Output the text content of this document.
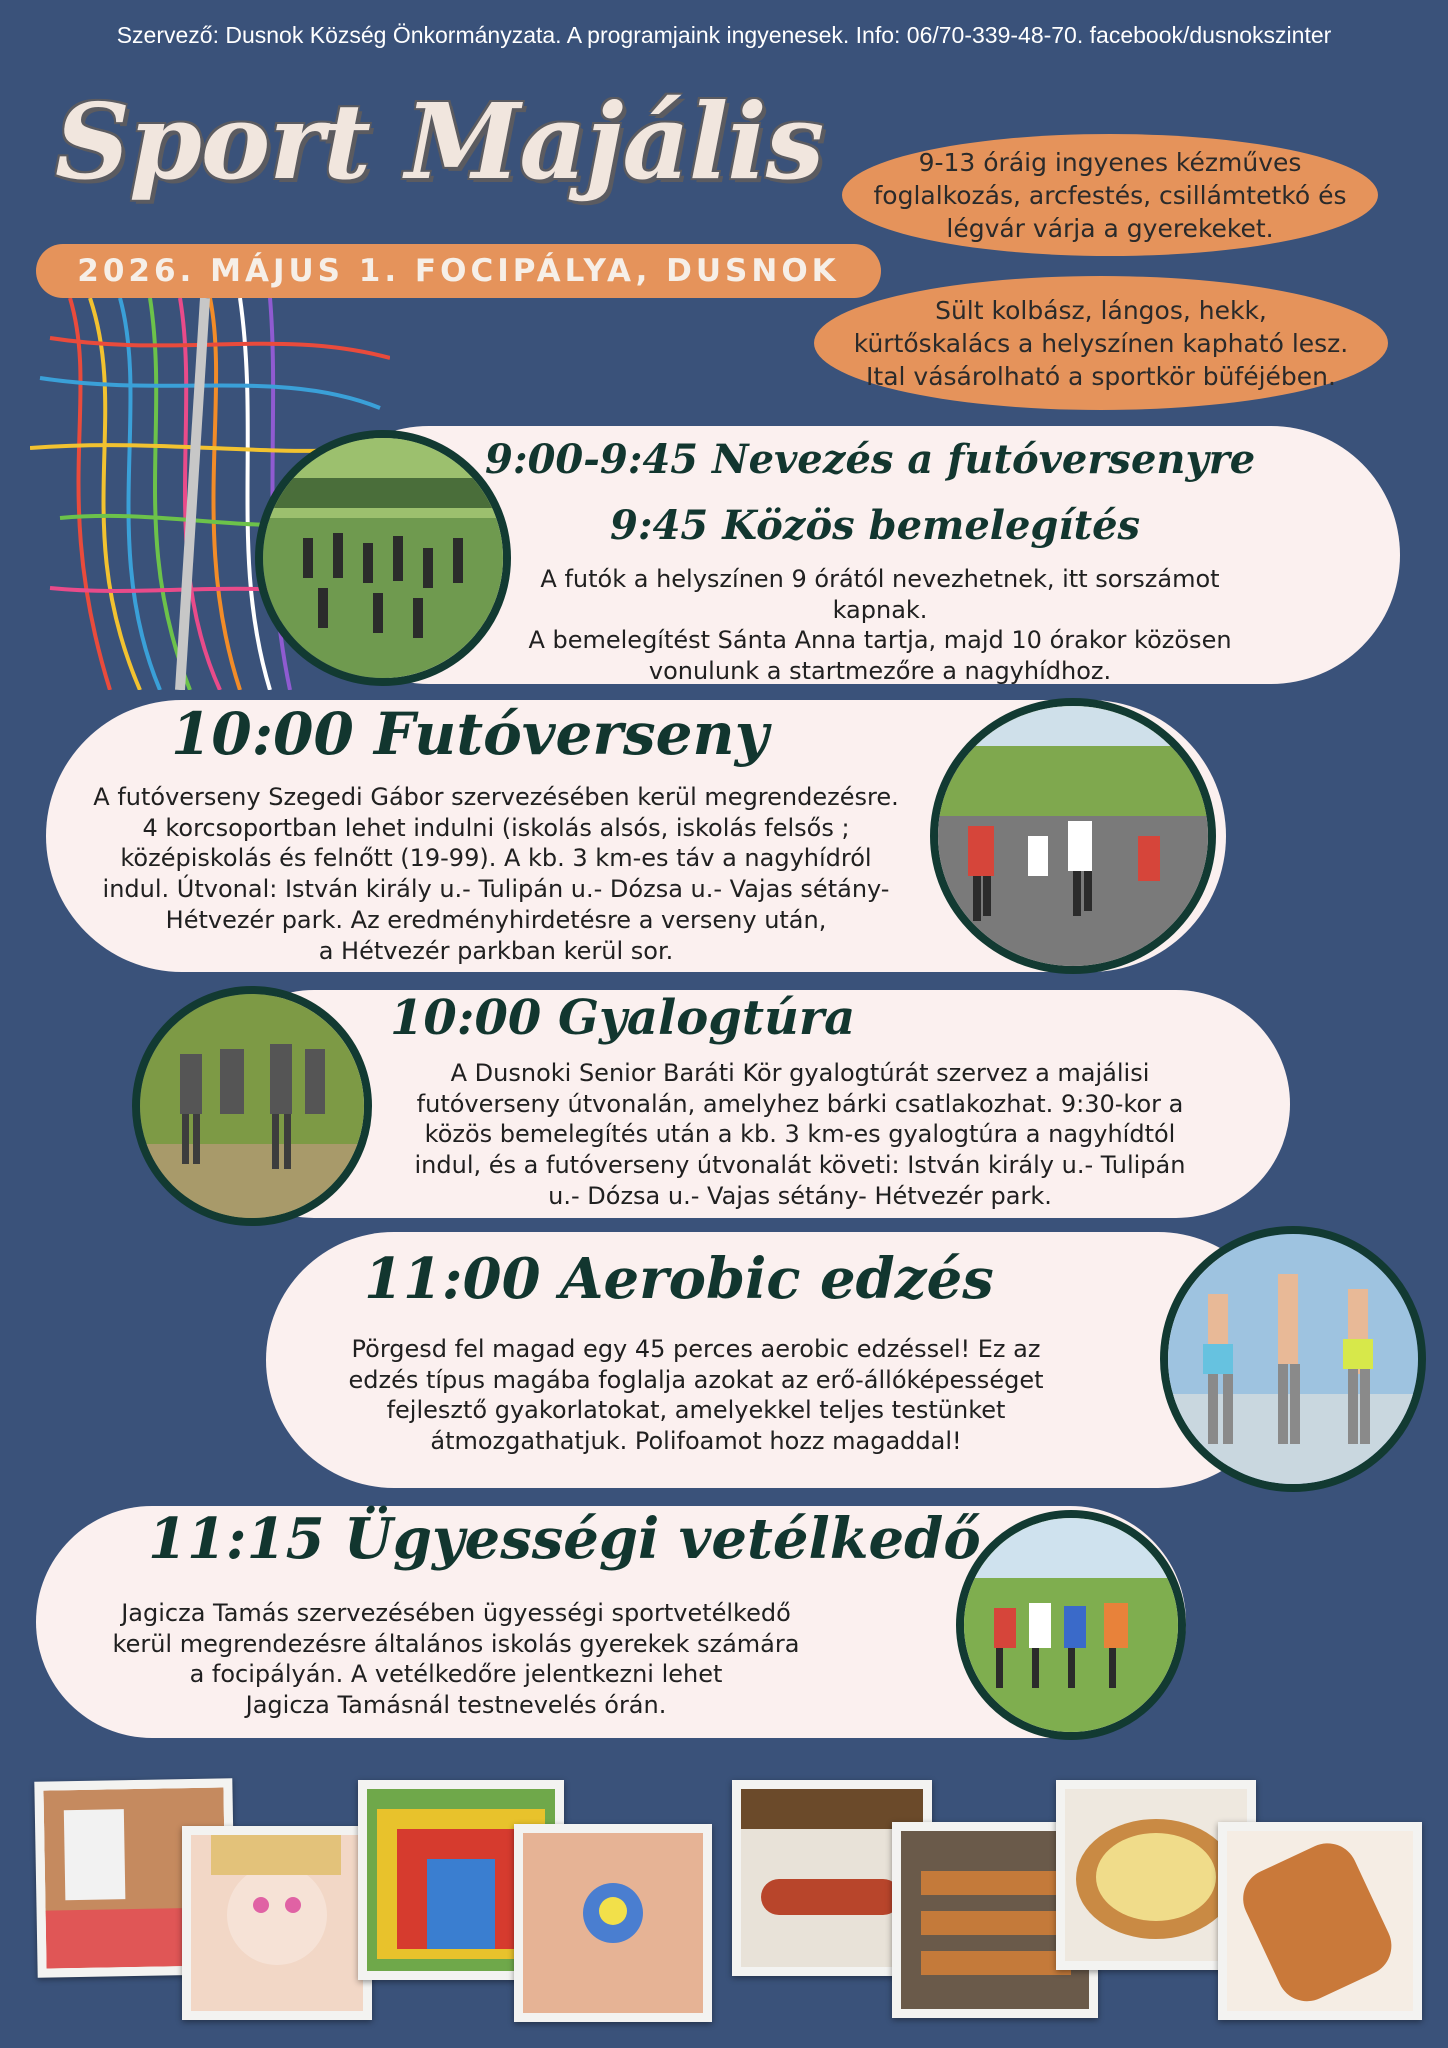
Szervező: Dusnok Község Önkormányzata. A programjaink ingyenesek. Info: 06/70-339-48-70. facebook/dusnokszinter
Sport Majális
2026. MÁJUS 1. FOCIPÁLYA, DUSNOK
9-13 óráig ingyenes kézműves
foglalkozás, arcfestés, csillámtetkó és
légvár várja a gyerekeket.
Sült kolbász, lángos, hekk,
kürtőskalács a helyszínen kapható lesz.
Ital vásárolható a sportkör büféjében.
9:00-9:45 Nevezés a futóversenyre
9:45 Közös bemelegítés
A futók a helyszínen 9 órától nevezhetnek, itt sorszámot kapnak.
A bemelegítést Sánta Anna tartja, majd 10 órakor közösen
vonulunk a startmezőre a nagyhídhoz.
10:00 Futóverseny
A futóverseny Szegedi Gábor szervezésében kerül megrendezésre.
4 korcsoportban lehet indulni (iskolás alsós, iskolás felsős ;
középiskolás és felnőtt (19-99). A kb. 3 km-es táv a nagyhídról
indul. Útvonal: István király u.- Tulipán u.- Dózsa u.- Vajas sétány-
Hétvezér park. Az eredményhirdetésre a verseny után,
a Hétvezér parkban kerül sor.
10:00 Gyalogtúra
A Dusnoki Senior Baráti Kör gyalogtúrát szervez a majálisi
futóverseny útvonalán, amelyhez bárki csatlakozhat. 9:30-kor a
közös bemelegítés után a kb. 3 km-es gyalogtúra a nagyhídtól
indul, és a futóverseny útvonalát követi: István király u.- Tulipán
u.- Dózsa u.- Vajas sétány- Hétvezér park.
11:00 Aerobic edzés
Pörgesd fel magad egy 45 perces aerobic edzéssel! Ez az
edzés típus magába foglalja azokat az erő-állóképességet
fejlesztő gyakorlatokat, amelyekkel teljes testünket
átmozgathatjuk. Polifoamot hozz magaddal!
11:15 Ügyességi vetélkedő
Jagicza Tamás szervezésében ügyességi sportvetélkedő
kerül megrendezésre általános iskolás gyerekek számára
a focipályán. A vetélkedőre jelentkezni lehet
Jagicza Tamásnál testnevelés órán.
